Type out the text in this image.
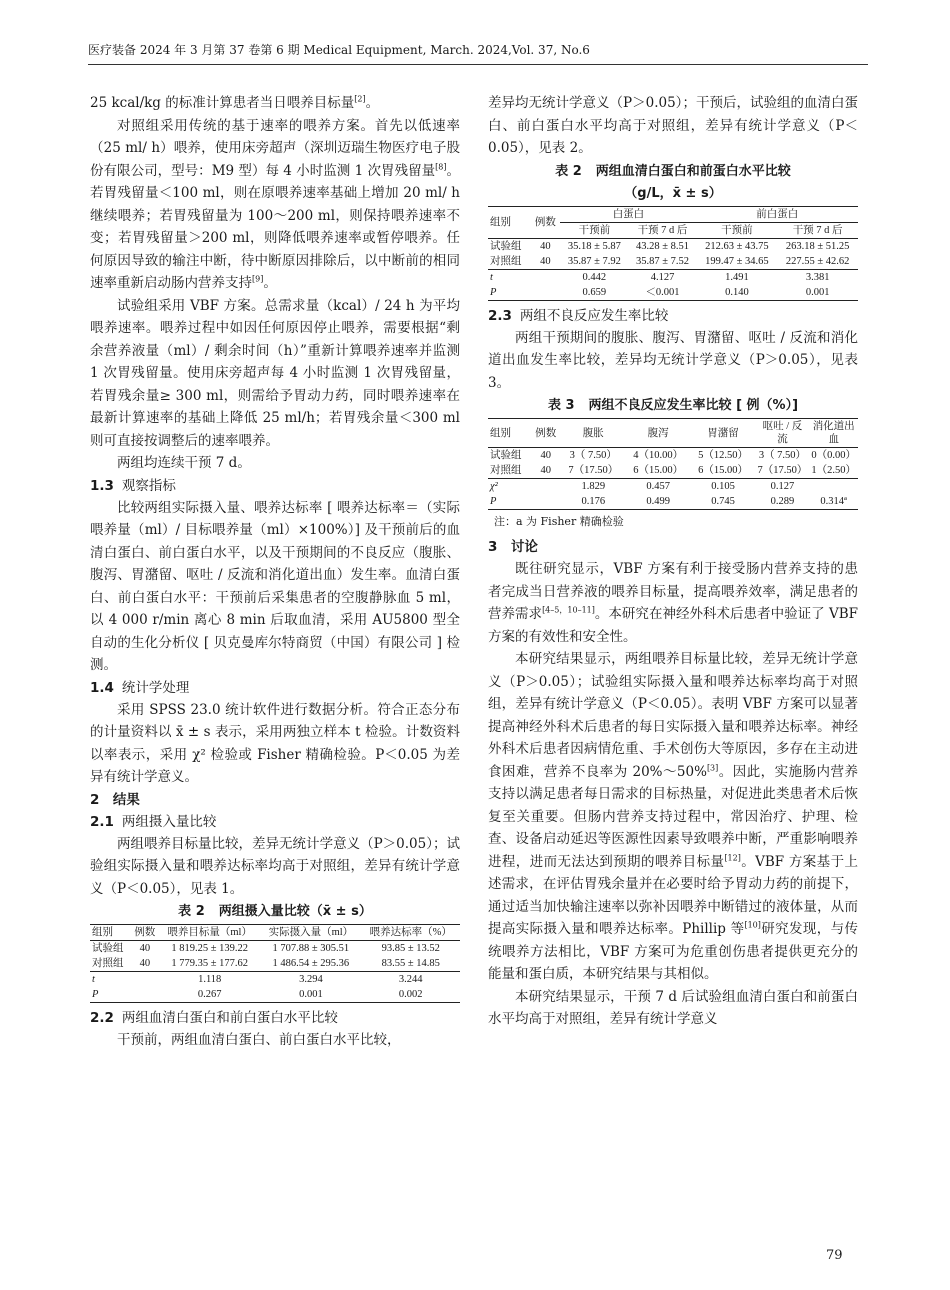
医疗装备 2024 年 3 月第 37 卷第 6 期 Medical Equipment, March. 2024,Vol. 37, No.6

25 kcal/kg 的标准计算患者当日喂养目标量[2]。

对照组采用传统的基于速率的喂养方案。首先以低速率（25 ml/ h）喂养，使用床旁超声（深圳迈瑞生物医疗电子股份有限公司，型号：M9 型）每 4 小时监测 1 次胃残留量[8]。若胃残留量＜100 ml，则在原喂养速率基础上增加 20 ml/ h 继续喂养；若胃残留量为 100～200 ml，则保持喂养速率不变；若胃残留量＞200 ml，则降低喂养速率或暂停喂养。任何原因导致的输注中断，待中断原因排除后，以中断前的相同速率重新启动肠内营养支持[9]。

试验组采用 VBF 方案。总需求量（kcal）/ 24 h 为平均喂养速率。喂养过程中如因任何原因停止喂养，需要根据“剩余营养液量（ml）/ 剩余时间（h）”重新计算喂养速率并监测 1 次胃残留量。使用床旁超声每 4 小时监测 1 次胃残留量，若胃残余量≥ 300 ml，则需给予胃动力药，同时喂养速率在最新计算速率的基础上降低 25 ml/h；若胃残余量＜300 ml 则可直接按调整后的速率喂养。

两组均连续干预 7 d。

1.3 观察指标

比较两组实际摄入量、喂养达标率 [ 喂养达标率＝（实际喂养量（ml）/ 目标喂养量（ml）×100%）] 及干预前后的血清白蛋白、前白蛋白水平，以及干预期间的不良反应（腹胀、腹泻、胃潴留、呕吐 / 反流和消化道出血）发生率。血清白蛋白、前白蛋白水平：干预前后采集患者的空腹静脉血 5 ml，以 4 000 r/min 离心 8 min 后取血清，采用 AU5800 型全自动的生化分析仪 [ 贝克曼库尔特商贸（中国）有限公司 ] 检测。

1.4 统计学处理

采用 SPSS 23.0 统计软件进行数据分析。符合正态分布的计量资料以 x̄ ± s 表示，采用两独立样本 t 检验。计数资料以率表示，采用 χ² 检验或 Fisher 精确检验。P＜0.05 为差异有统计学意义。

2　结果
2.1 两组摄入量比较

两组喂养目标量比较，差异无统计学意义（P＞0.05）；试验组实际摄入量和喂养达标率均高于对照组，差异有统计学意义（P＜0.05），见表 1。

表 2 两组摄入量比较（x̄ ± s）
组别	例数	喂养目标量（ml）	实际摄入量（ml）	喂养达标率（%）
试验组	40	1 819.25 ± 139.22	1 707.88 ± 305.51	93.85 ± 13.52
对照组	40	1 779.35 ± 177.62	1 486.54 ± 295.36	83.55 ± 14.85
t		1.118	3.294	3.244
P		0.267	0.001	0.002
2.2 两组血清白蛋白和前白蛋白水平比较

干预前，两组血清白蛋白、前白蛋白水平比较，

差异均无统计学意义（P＞0.05）；干预后，试验组的血清白蛋白、前白蛋白水平均高于对照组，差异有统计学意义（P＜0.05），见表 2。

表 2 两组血清白蛋白和前蛋白水平比较
（g/L，x̄ ± s）
组别	例数	白蛋白		前白蛋白	
		干预前	干预 7 d 后	干预前	干预 7 d 后
试验组	40	35.18 ± 5.87	43.28 ± 8.51	212.63 ± 43.75	263.18 ± 51.25
对照组	40	35.87 ± 7.92	35.87 ± 7.52	199.47 ± 34.65	227.55 ± 42.62
t		0.442	4.127	1.491	3.381
P		0.659	＜0.001	0.140	0.001
2.3 两组不良反应发生率比较

两组干预期间的腹胀、腹泻、胃潴留、呕吐 / 反流和消化道出血发生率比较，差异均无统计学意义（P＞0.05），见表 3。

表 3 两组不良反应发生率比较 [ 例（%）]
组别	例数	腹胀	腹泻	胃潴留	呕吐 / 反流	消化道出血
试验组	40	3（ 7.50）	4（10.00）	5（12.50）	3（ 7.50）	0（0.00）
对照组	40	7（17.50）	6（15.00）	6（15.00）	7（17.50）	1（2.50）
χ²		1.829	0.457	0.105	0.127	
P		0.176	0.499	0.745	0.289	0.314ª
注：a 为 Fisher 精确检验
3　讨论

既往研究显示，VBF 方案有利于接受肠内营养支持的患者完成当日营养液的喂养目标量，提高喂养效率，满足患者的营养需求[4–5，10–11]。本研究在神经外科术后患者中验证了 VBF 方案的有效性和安全性。

本研究结果显示，两组喂养目标量比较，差异无统计学意义（P＞0.05）；试验组实际摄入量和喂养达标率均高于对照组，差异有统计学意义（P＜0.05）。表明 VBF 方案可以显著提高神经外科术后患者的每日实际摄入量和喂养达标率。神经外科术后患者因病情危重、手术创伤大等原因，多存在主动进食困难，营养不良率为 20%～50%[3]。因此，实施肠内营养支持以满足患者每日需求的目标热量，对促进此类患者术后恢复至关重要。但肠内营养支持过程中，常因治疗、护理、检查、设备启动延迟等医源性因素导致喂养中断，严重影响喂养进程，进而无法达到预期的喂养目标量[12]。VBF 方案基于上述需求，在评估胃残余量并在必要时给予胃动力药的前提下，通过适当加快输注速率以弥补因喂养中断错过的液体量，从而提高实际摄入量和喂养达标率。Phillip 等[10]研究发现，与传统喂养方法相比，VBF 方案可为危重创伤患者提供更充分的能量和蛋白质，本研究结果与其相似。

本研究结果显示，干预 7 d 后试验组血清白蛋白和前蛋白水平均高于对照组，差异有统计学意义

79
